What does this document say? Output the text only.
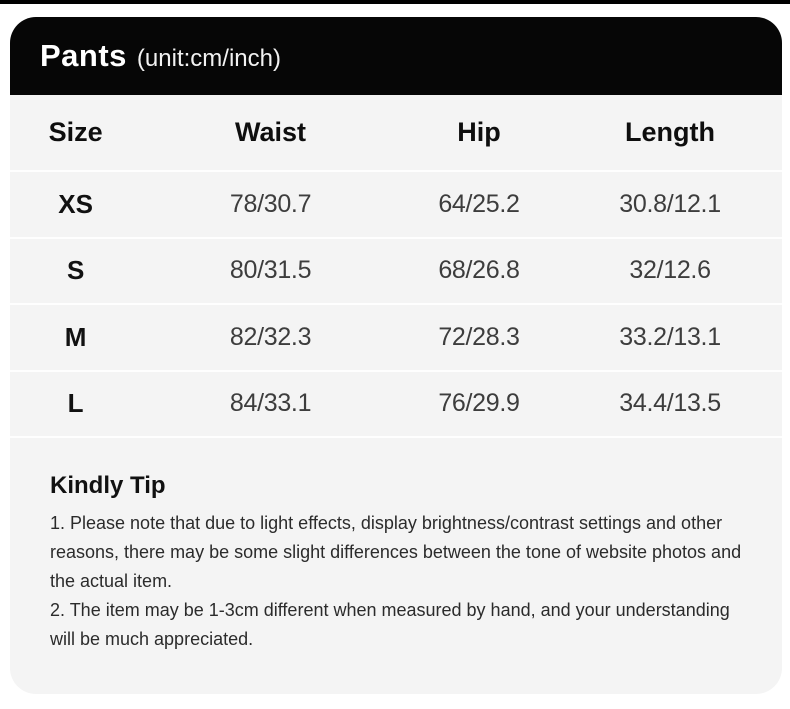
Pants (unit:cm/inch)
Size	Waist	Hip	Length
XS	78/30.7	64/25.2	30.8/12.1
S	80/31.5	68/26.8	32/12.6
M	82/32.3	72/28.3	33.2/13.1
L	84/33.1	76/29.9	34.4/13.5
Kindly Tip
1. Please note that due to light effects, display brightness/contrast settings and other reasons, there may be some slight differences between the tone of website photos and the actual item.
2. The item may be 1-3cm different when measured by hand, and your understanding will be much appreciated.
